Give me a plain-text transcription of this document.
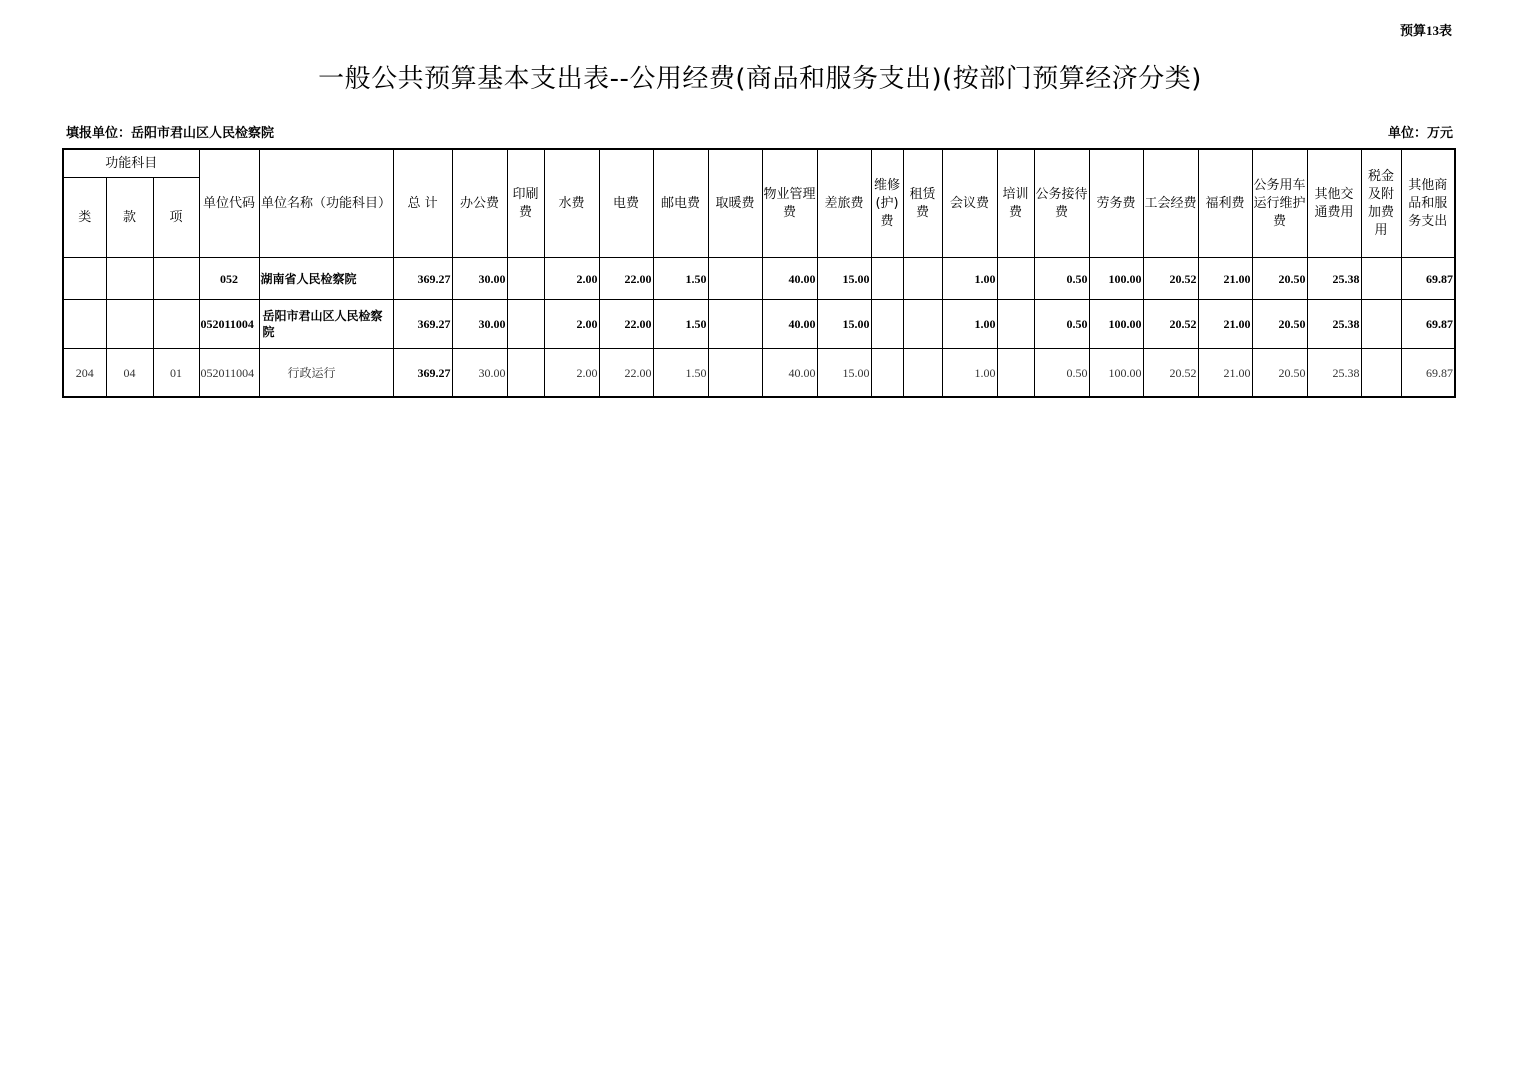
预算13表
一般公共预算基本支出表--公用经费(商品和服务支出)(按部门预算经济分类)
填报单位：岳阳市君山区人民检察院	单位：万元
功能科目			单位代码	单位名称（功能科目）	总 计	办公费	印刷费	水费	电费	邮电费	取暖费	物业管理费	差旅费	维修(护)费	租赁费	会议费	培训费	公务接待费	劳务费	工会经费	福利费	公务用车运行维护费	其他交通费用	税金及附加费用	其他商品和服务支出
类	款	项																							
			052	湖南省人民检察院	369.27	30.00		2.00	22.00	1.50		40.00	15.00			1.00		0.50	100.00	20.52	21.00	20.50	25.38		69.87
			052011004	岳阳市君山区人民检察院	369.27	30.00		2.00	22.00	1.50		40.00	15.00			1.00		0.50	100.00	20.52	21.00	20.50	25.38		69.87
204	04	01	052011004	行政运行	369.27	30.00		2.00	22.00	1.50		40.00	15.00			1.00		0.50	100.00	20.52	21.00	20.50	25.38		69.87
